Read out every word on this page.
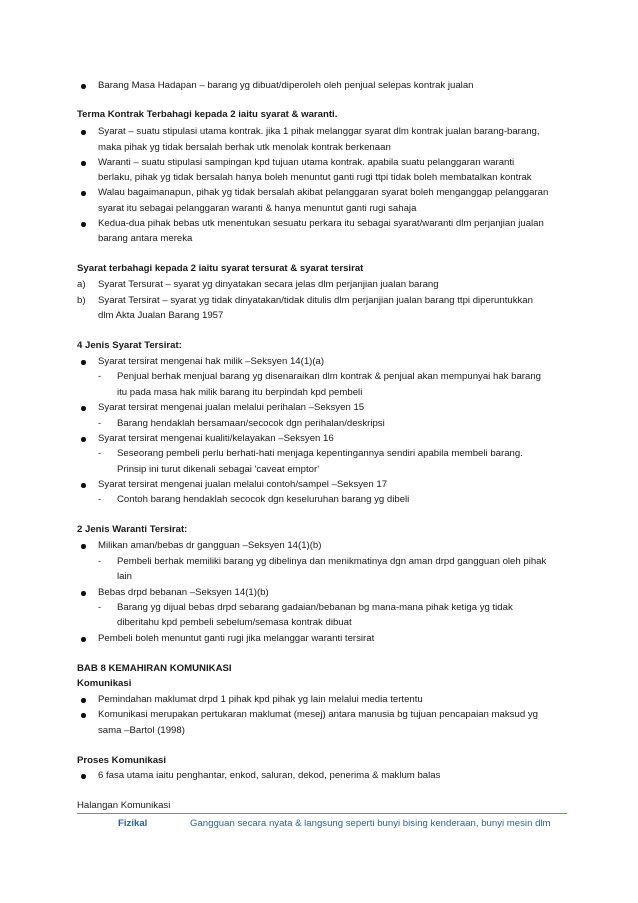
Barang Masa Hadapan – barang yg dibuat/diperoleh oleh penjual selepas kontrak jualan
Terma Kontrak Terbahagi kepada 2 iaitu syarat & waranti.
Syarat – suatu stipulasi utama kontrak. jika 1 pihak melanggar syarat dlm kontrak jualan barang-barang,
maka pihak yg tidak bersalah berhak utk menolak kontrak berkenaan
Waranti – suatu stipulasi sampingan kpd tujuan utama kontrak. apabila suatu pelanggaran waranti
berlaku, pihak yg tidak bersalah hanya boleh menuntut ganti rugi ttpi tidak boleh membatalkan kontrak
Walau bagaimanapun, pihak yg tidak bersalah akibat pelanggaran syarat boleh menganggap pelanggaran
syarat itu sebagai pelanggaran waranti & hanya menuntut ganti rugi sahaja
Kedua-dua pihak bebas utk menentukan sesuatu perkara itu sebagai syarat/waranti dlm perjanjian jualan
barang antara mereka
Syarat terbahagi kepada 2 iaitu syarat tersurat & syarat tersirat
a) Syarat Tersurat – syarat yg dinyatakan secara jelas dlm perjanjian jualan barang
b) Syarat Tersirat – syarat yg tidak dinyatakan/tidak ditulis dlm perjanjian jualan barang ttpi diperuntukkan
dlm Akta Jualan Barang 1957
4 Jenis Syarat Tersirat:
Syarat tersirat mengenai hak milik –Seksyen 14(1)(a)
- Penjual berhak menjual barang yg disenaraikan dlm kontrak & penjual akan mempunyai hak barang
itu pada masa hak milik barang itu berpindah kpd pembeli
Syarat tersirat mengenai jualan melalui perihalan –Seksyen 15
- Barang hendaklah bersamaan/secocok dgn perihalan/deskripsi
Syarat tersirat mengenai kualiti/kelayakan –Seksyen 16
- Seseorang pembeli perlu berhati-hati menjaga kepentingannya sendiri apabila membeli barang.
Prinsip ini turut dikenali sebagai 'caveat emptor'
Syarat tersirat mengenai jualan melalui contoh/sampel –Seksyen 17
- Contoh barang hendaklah secocok dgn keseluruhan barang yg dibeli
2 Jenis Waranti Tersirat:
Milikan aman/bebas dr gangguan –Seksyen 14(1)(b)
- Pembeli berhak memiliki barang yg dibelinya dan menikmatinya dgn aman drpd gangguan oleh pihak
lain
Bebas drpd bebanan –Seksyen 14(1)(b)
- Barang yg dijual bebas drpd sebarang gadaian/bebanan bg mana-mana pihak ketiga yg tidak
diberitahu kpd pembeli sebelum/semasa kontrak dibuat
Pembeli boleh menuntut ganti rugi jika melanggar waranti tersirat
BAB 8 KEMAHIRAN KOMUNIKASI
Komunikasi
Pemindahan maklumat drpd 1 pihak kpd pihak yg lain melalui media tertentu
Komunikasi merupakan pertukaran maklumat (mesej) antara manusia bg tujuan pencapaian maksud yg
sama –Bartol (1998)
Proses Komunikasi
6 fasa utama iaitu penghantar, enkod, saluran, dekod, penerima & maklum balas
Halangan Komunikasi
Fizikal	Gangguan secara nyata & langsung seperti bunyi bising kenderaan, bunyi mesin dlm
